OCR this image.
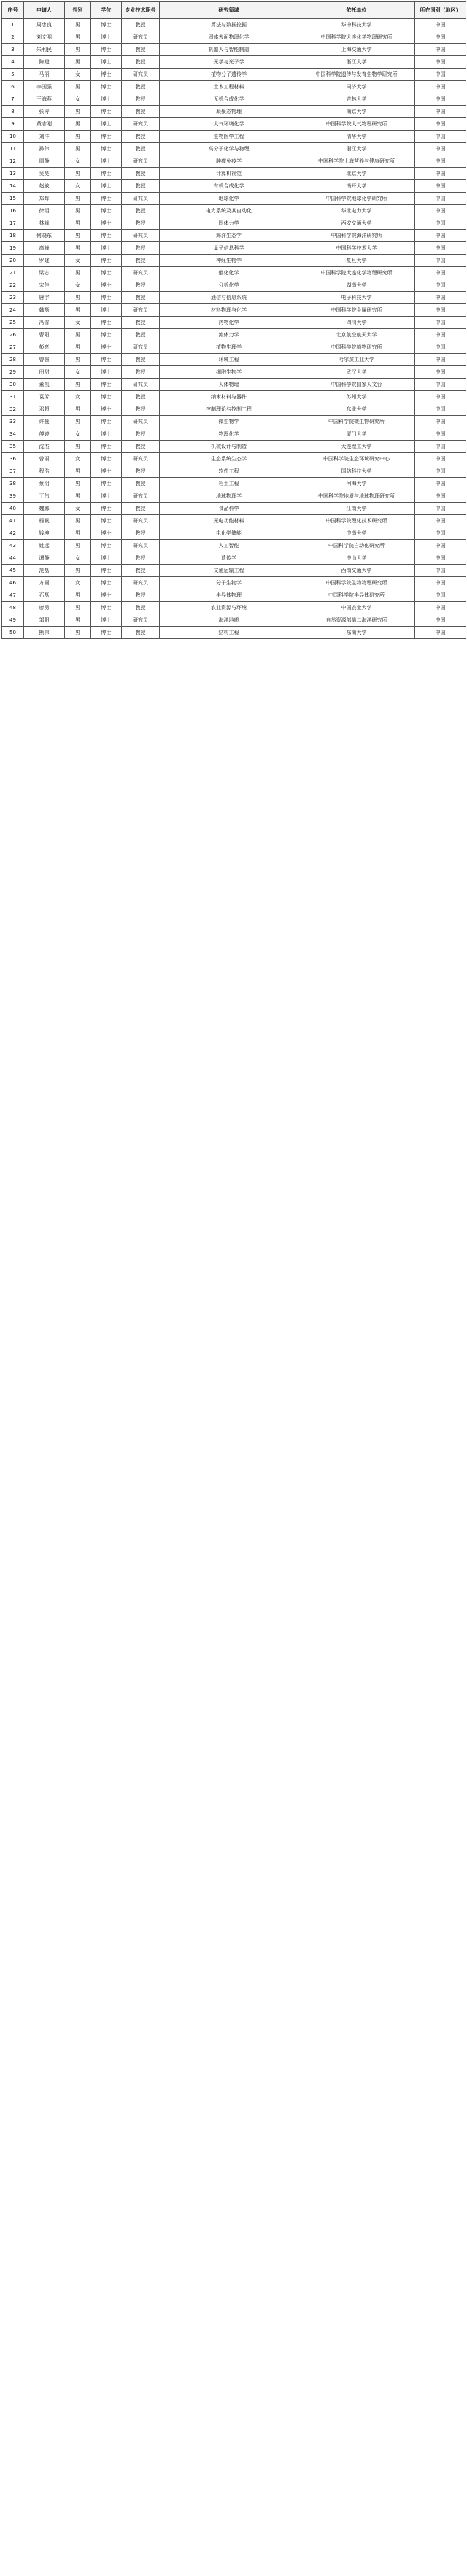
序号	申请人	性别	学位	专业技术职务	研究领域	依托单位	所在国别（地区）
1	周忠良	男	博士	教授	算法与数据挖掘	华中科技大学	中国
2	刘文明	男	博士	研究员	固体表面物理化学	中国科学院大连化学物理研究所	中国
3	朱利民	男	博士	教授	机器人与智能制造	上海交通大学	中国
4	陈建	男	博士	教授	光学与光子学	浙江大学	中国
5	马丽	女	博士	研究员	植物分子遗传学	中国科学院遗传与发育生物学研究所	中国
6	李国强	男	博士	教授	土木工程材料	同济大学	中国
7	王海燕	女	博士	教授	无机合成化学	吉林大学	中国
8	张涛	男	博士	教授	凝聚态物理	南京大学	中国
9	黄志刚	男	博士	研究员	大气环境化学	中国科学院大气物理研究所	中国
10	刘洋	男	博士	教授	生物医学工程	清华大学	中国
11	孙伟	男	博士	教授	高分子化学与物理	浙江大学	中国
12	周静	女	博士	研究员	肿瘤免疫学	中国科学院上海营养与健康研究所	中国
13	吴昊	男	博士	教授	计算机视觉	北京大学	中国
14	赵敏	女	博士	教授	有机合成化学	南开大学	中国
15	郑辉	男	博士	研究员	地球化学	中国科学院地球化学研究所	中国
16	徐明	男	博士	教授	电力系统及其自动化	华北电力大学	中国
17	林峰	男	博士	教授	固体力学	西安交通大学	中国
18	何晓东	男	博士	研究员	海洋生态学	中国科学院海洋研究所	中国
19	高峰	男	博士	教授	量子信息科学	中国科学技术大学	中国
20	罗晓	女	博士	教授	神经生物学	复旦大学	中国
21	梁志	男	博士	研究员	催化化学	中国科学院大连化学物理研究所	中国
22	宋佳	女	博士	教授	分析化学	湖南大学	中国
23	唐宇	男	博士	教授	通信与信息系统	电子科技大学	中国
24	韩磊	男	博士	研究员	材料物理与化学	中国科学院金属研究所	中国
25	冯雪	女	博士	教授	药物化学	四川大学	中国
26	曹阳	男	博士	教授	流体力学	北京航空航天大学	中国
27	彭亮	男	博士	研究员	植物生理学	中国科学院植物研究所	中国
28	曾强	男	博士	教授	环境工程	哈尔滨工业大学	中国
29	田甜	女	博士	教授	细胞生物学	武汉大学	中国
30	董凯	男	博士	研究员	天体物理	中国科学院国家天文台	中国
31	袁芳	女	博士	教授	纳米材料与器件	苏州大学	中国
32	邓超	男	博士	教授	控制理论与控制工程	东北大学	中国
33	许晨	男	博士	研究员	微生物学	中国科学院微生物研究所	中国
34	傅婷	女	博士	教授	物理化学	厦门大学	中国
35	沈杰	男	博士	教授	机械设计与制造	大连理工大学	中国
36	曾丽	女	博士	研究员	生态系统生态学	中国科学院生态环境研究中心	中国
37	程浩	男	博士	教授	软件工程	国防科技大学	中国
38	蔡明	男	博士	教授	岩土工程	河海大学	中国
39	丁伟	男	博士	研究员	地球物理学	中国科学院地质与地球物理研究所	中国
40	魏娜	女	博士	教授	食品科学	江南大学	中国
41	杨帆	男	博士	研究员	光电功能材料	中国科学院理化技术研究所	中国
42	钱坤	男	博士	教授	电化学储能	中南大学	中国
43	姚远	男	博士	研究员	人工智能	中国科学院自动化研究所	中国
44	谭静	女	博士	教授	遗传学	中山大学	中国
45	范磊	男	博士	教授	交通运输工程	西南交通大学	中国
46	方圆	女	博士	研究员	分子生物学	中国科学院生物物理研究所	中国
47	石磊	男	博士	教授	半导体物理	中国科学院半导体研究所	中国
48	廖勇	男	博士	教授	农业资源与环境	中国农业大学	中国
49	邹阳	男	博士	研究员	海洋地质	自然资源部第二海洋研究所	中国
50	熊伟	男	博士	教授	结构工程	东南大学	中国
